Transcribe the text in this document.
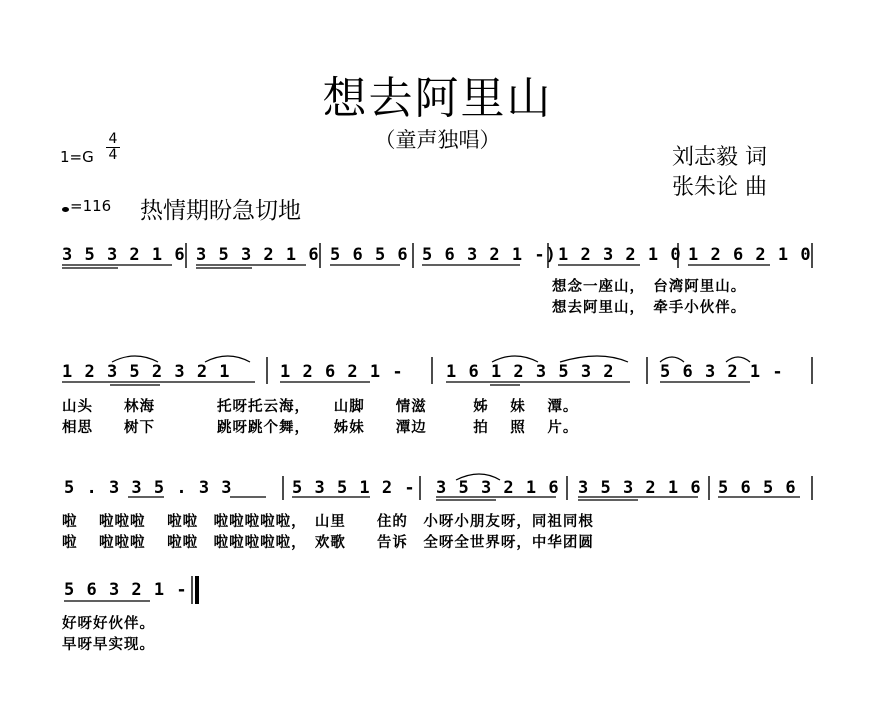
想去阿里山
（童声独唱）
1=G
4
4
=116 热情期盼急切地
刘志毅 词
张朱论 曲
3 5 3 2 1 6 3 5 3 2 1 6 5 6 5 6 5 6 3 2 1 -) 1 2 3 2 1 0 1 2 6 2 1 0
想念一座山，　台湾阿里山。
想去阿里山，　牵手小伙伴。
1 2 3 5 2 3 2 1	1 2 6 2 1 - 1 6 1 2 3 5 3 2	5 6 3 2 1 -
山头　　林海　　　　托呀托云海，　　山脚　　情滋　　　姊　 妹　 潭。
相思　　树下　　　　跳呀跳个舞，　　姊妹　　潭边　　　拍　 照　 片。
5 . 3 3 5 . 3 3	5 3 5 1 2 - 3 5 3 2 1 6 3 5 3 2 1 6 5 6 5 6
啦　 啦啦啦　 啦啦　啦啦啦啦啦，　山里　　住的　小呀小朋友呀，同祖同根
啦　 啦啦啦　 啦啦　啦啦啦啦啦，　欢歌　　告诉　全呀全世界呀，中华团圆
5 6 3 2 1 -
好呀好伙伴。
早呀早实现。
